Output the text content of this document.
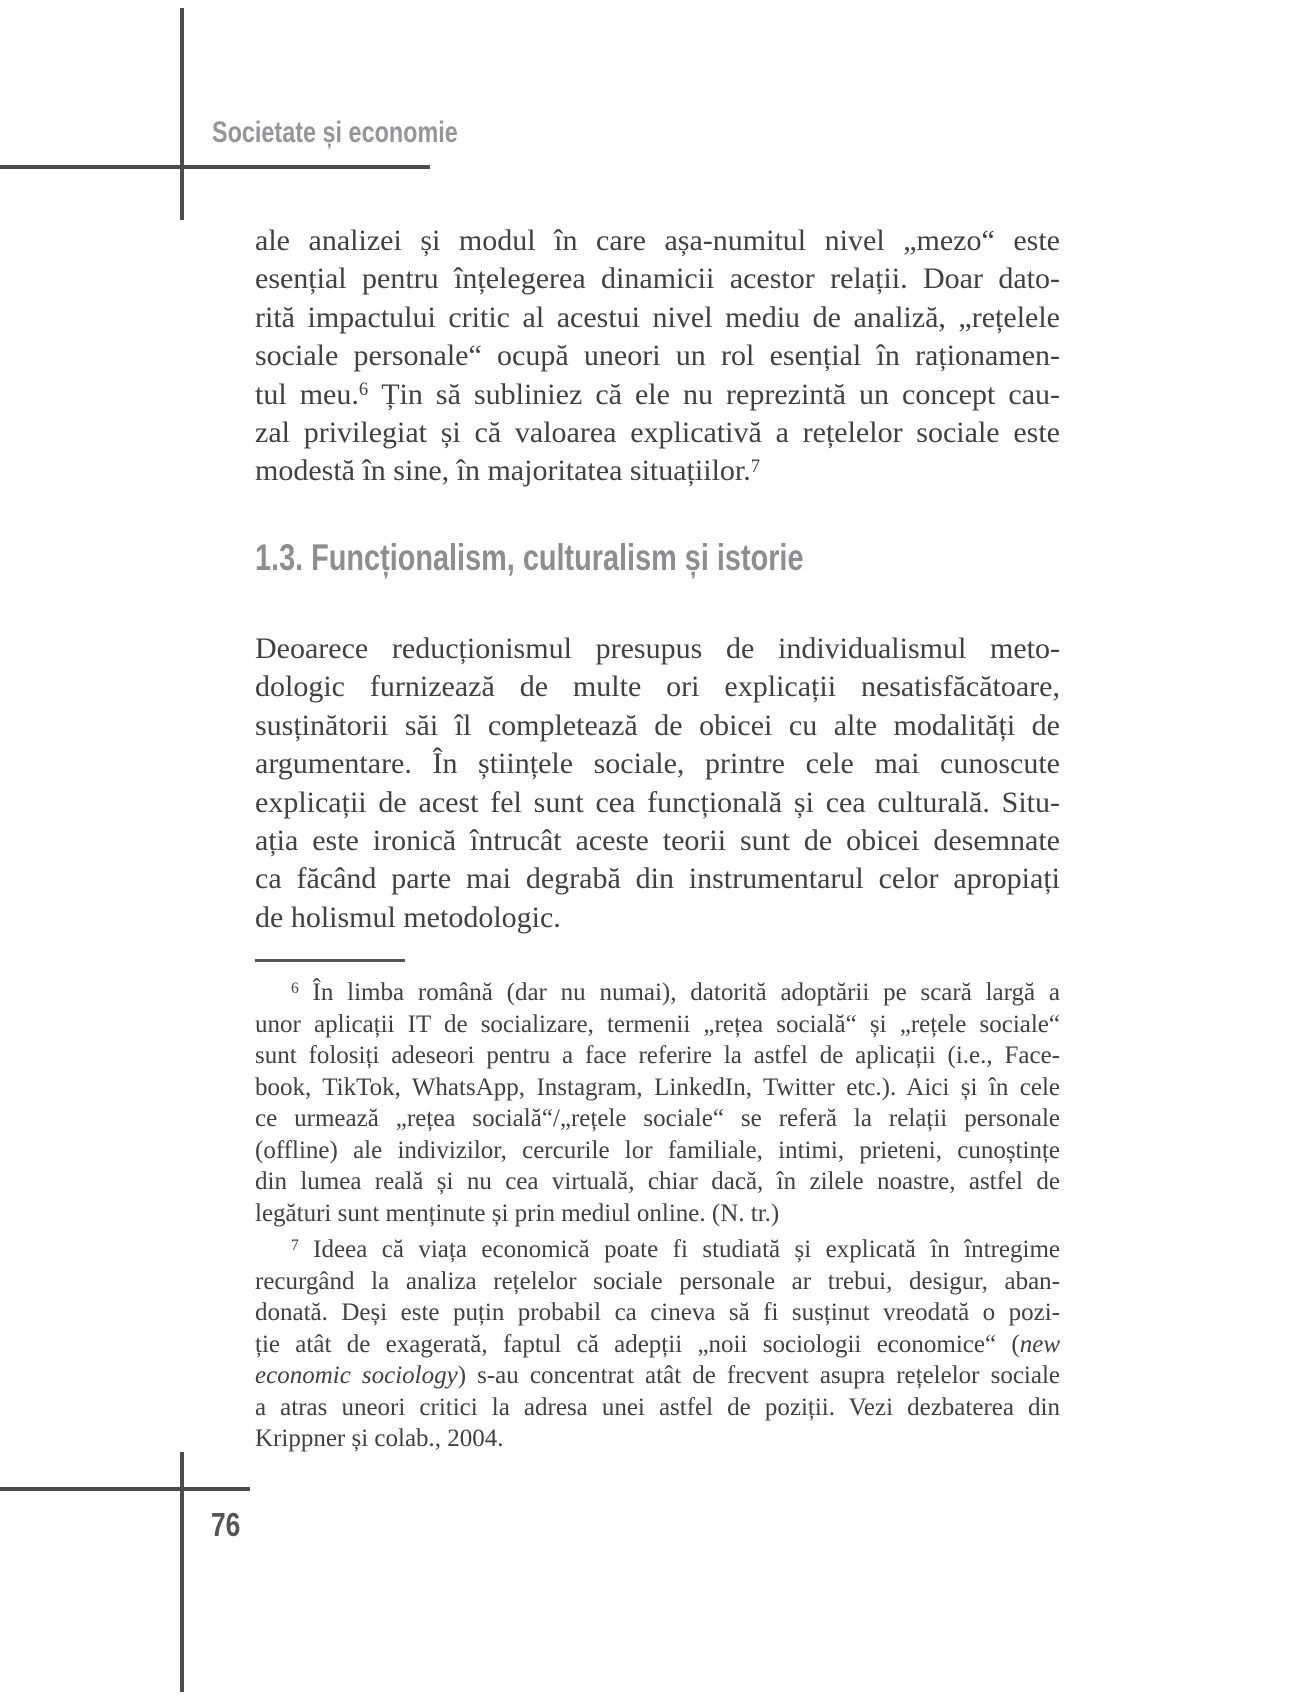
Societate și economie
ale analizei și modul în care așa-numitul nivel „mezo“ este
esențial pentru înțelegerea dinamicii acestor relații. Doar dato-
rită impactului critic al acestui nivel mediu de analiză, „rețelele
sociale personale“ ocupă uneori un rol esențial în raționamen-
tul meu.$^6$ Țin să subliniez că ele nu reprezintă un concept cau-
zal privilegiat și că valoarea explicativă a rețelelor sociale este
modestă în sine, în majoritatea situațiilor.$^7$
1.3. Funcționalism, culturalism și istorie
Deoarece reducționismul presupus de individualismul meto-
dologic furnizează de multe ori explicații nesatisfăcătoare,
susținătorii săi îl completează de obicei cu alte modalități de
argumentare. În științele sociale, printre cele mai cunoscute
explicații de acest fel sunt cea funcțională și cea culturală. Situ-
ația este ironică întrucât aceste teorii sunt de obicei desemnate
ca făcând parte mai degrabă din instrumentarul celor apropiați
de holismul metodologic.
$^6$ În limba română (dar nu numai), datorită adoptării pe scară largă a
unor aplicații IT de socializare, termenii „rețea socială“ și „rețele sociale“
sunt folosiți adeseori pentru a face referire la astfel de aplicații (i.e., Face-
book, TikTok, WhatsApp, Instagram, LinkedIn, Twitter etc.). Aici și în cele
ce urmează „rețea socială“/„rețele sociale“ se referă la relații personale
(offline) ale indivizilor, cercurile lor familiale, intimi, prieteni, cunoștințe
din lumea reală și nu cea virtuală, chiar dacă, în zilele noastre, astfel de
legături sunt menținute și prin mediul online. (N. tr.)
$^7$ Ideea că viața economică poate fi studiată și explicată în întregime
recurgând la analiza rețelelor sociale personale ar trebui, desigur, aban-
donată. Deși este puțin probabil ca cineva să fi susținut vreodată o pozi-
ție atât de exagerată, faptul că adepții „noii sociologii economice“ (new
economic sociology) s-au concentrat atât de frecvent asupra rețelelor sociale
a atras uneori critici la adresa unei astfel de poziții. Vezi dezbaterea din
Krippner și colab., 2004.
76
